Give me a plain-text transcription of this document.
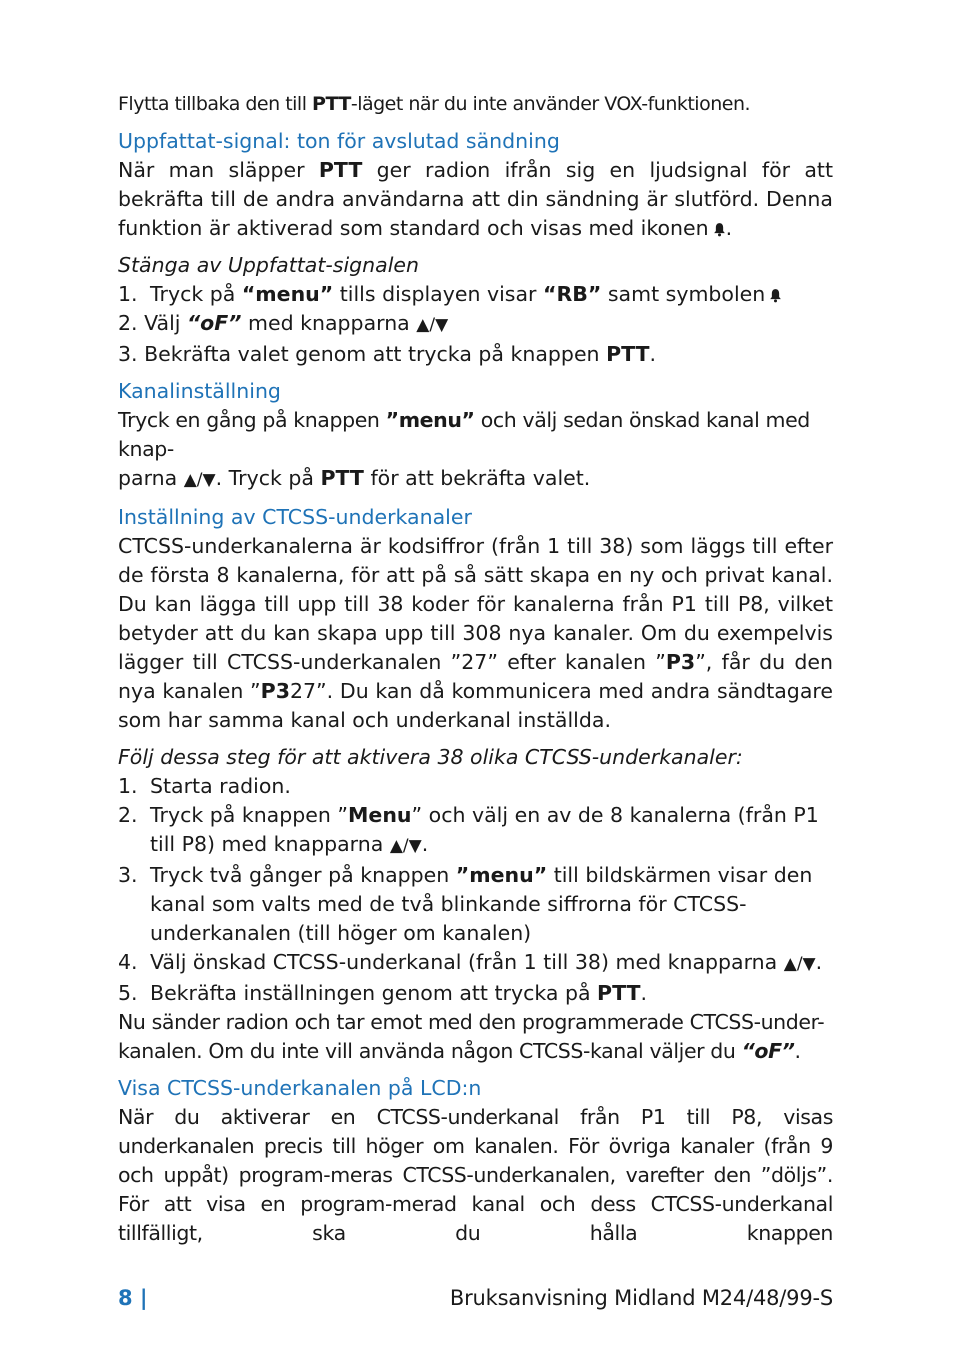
Flytta tillbaka den till PTT-läget när du inte använder VOX-funktionen.

Uppfattat-signal: ton för avslutad sändning

När man släpper PTT ger radion ifrån sig en ljudsignal för att bekräfta till de andra användarna att din sändning är slutförd. Denna funktion är aktiverad som standard och visas med ikonen .

Stänga av Uppfattat-signalen

1. Tryck på “menu” tills displayen visar “RB” samt symbolen

2. Välj “oF” med knapparna ▲/▼

3. Bekräfta valet genom att trycka på knappen PTT.

Kanalinställning

Tryck en gång på knappen ”menu” och välj sedan önskad kanal med knap-
parna ▲/▼. Tryck på PTT för att bekräfta valet.

Inställning av CTCSS-underkanaler

CTCSS-underkanalerna är kodsiffror (från 1 till 38) som läggs till efter de första 8 kanalerna, för att på så sätt skapa en ny och privat kanal. Du kan lägga till upp till 38 koder för kanalerna från P1 till P8, vilket betyder att du kan skapa upp till 308 nya kanaler. Om du exempelvis lägger till CTCSS-underkanalen ”27” efter kanalen ”P3”, får du den nya kanalen ”P327”. Du kan då kommunicera med andra sändtagare som har samma kanal och underkanal inställda.

Följ dessa steg för att aktivera 38 olika CTCSS-underkanaler:

1. Starta radion.
2. Tryck på knappen ”Menu” och välj en av de 8 kanalerna (från P1 till P8) med knapparna ▲/▼.
3. Tryck två gånger på knappen ”menu” till bildskärmen visar den kanal som valts med de två blinkande siffrorna för CTCSS-underkanalen (till höger om kanalen)
4. Välj önskad CTCSS-underkanal (från 1 till 38) med knapparna ▲/▼.
5. Bekräfta inställningen genom att trycka på PTT.

Nu sänder radion och tar emot med den programmerade CTCSS-under-kanalen. Om du inte vill använda någon CTCSS-kanal väljer du “oF”.

Visa CTCSS-underkanalen på LCD:n

När du aktiverar en CTCSS-underkanal från P1 till P8, visas underkanalen precis till höger om kanalen. För övriga kanaler (från 9 och uppåt) program-meras CTCSS-underkanalen, varefter den ”döljs”. För att visa en program-merad kanal och dess CTCSS-underkanal tillfälligt, ska du hålla knappen

8 |	Bruksanvisning Midland M24/48/99-S
